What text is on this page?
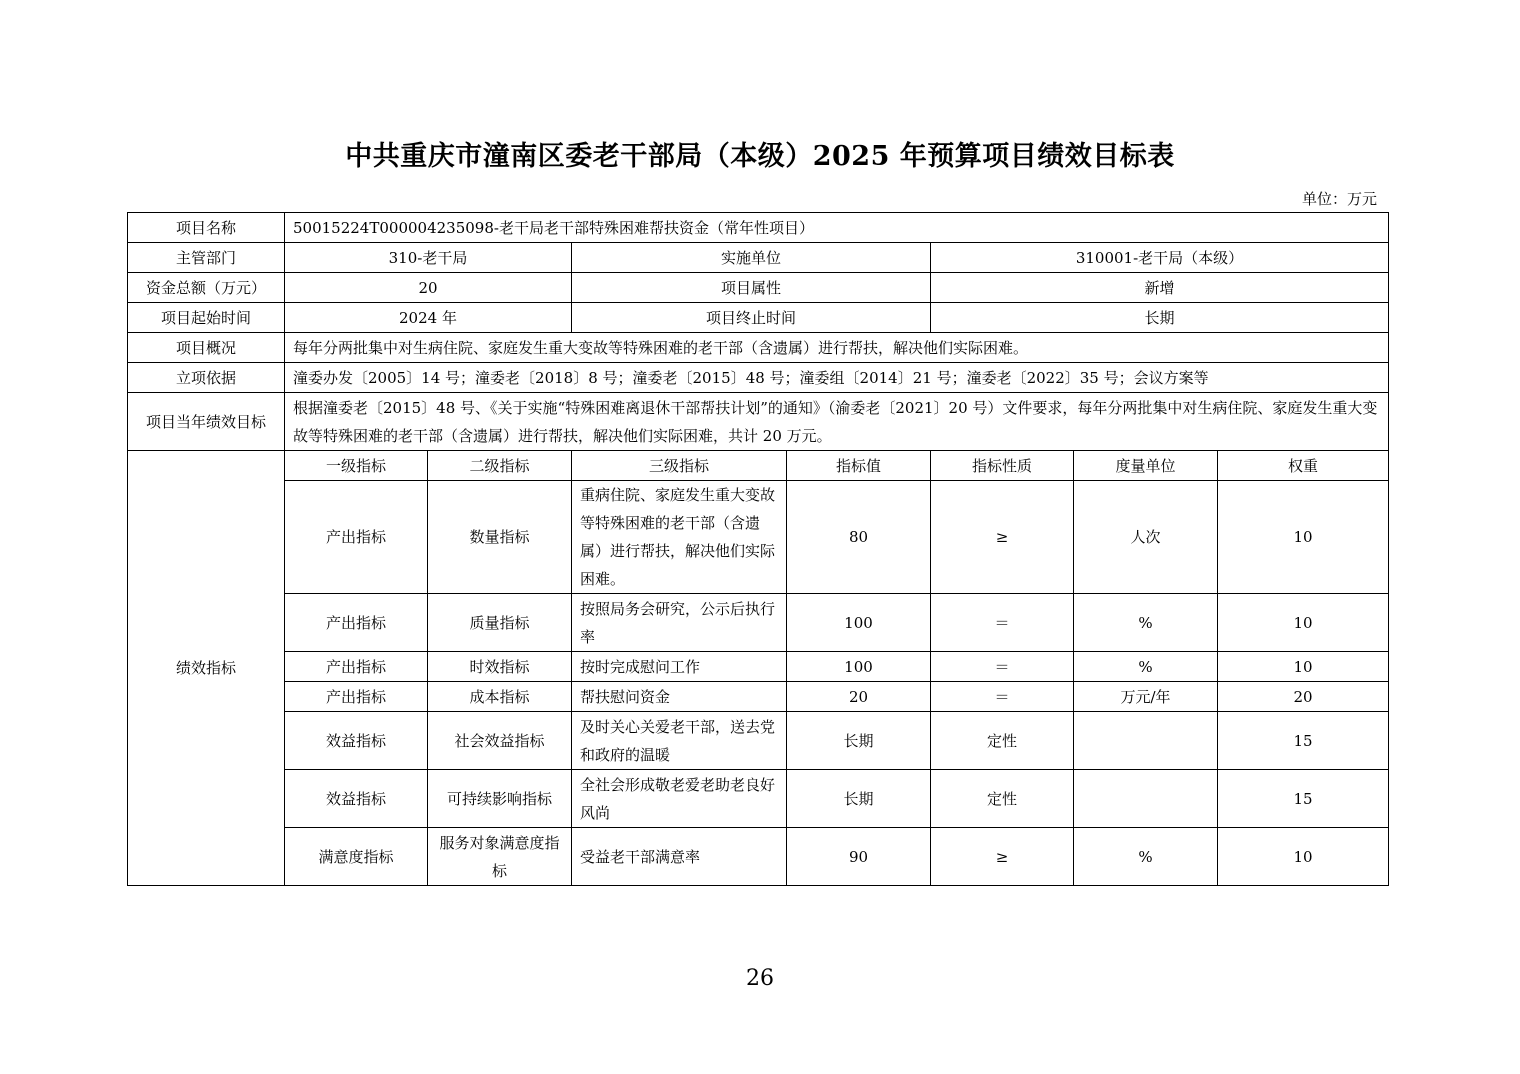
中共重庆市潼南区委老干部局（本级）2025 年预算项目绩效目标表
单位：万元
项目名称	50015224T000004235098-老干局老干部特殊困难帮扶资金（常年性项目）						
主管部门	310-老干局		实施单位		310001-老干局（本级）		
资金总额（万元）	20		项目属性		新增		
项目起始时间	2024 年		项目终止时间		长期		
项目概况	每年分两批集中对生病住院、家庭发生重大变故等特殊困难的老干部（含遗属）进行帮扶，解决他们实际困难。						
立项依据	潼委办发〔2005〕14 号；潼委老〔2018〕8 号；潼委老〔2015〕48 号；潼委组〔2014〕21 号；潼委老〔2022〕35 号；会议方案等						
项目当年绩效目标	根据潼委老〔2015〕48 号、《关于实施“特殊困难离退休干部帮扶计划”的通知》（渝委老〔2021〕20 号）文件要求，每年分两批集中对生病住院、家庭发生重大变故等特殊困难的老干部（含遗属）进行帮扶，解决他们实际困难，共计 20 万元。						
绩效指标	一级指标	二级指标	三级指标	指标值	指标性质	度量单位	权重
	产出指标	数量指标	重病住院、家庭发生重大变故等特殊困难的老干部（含遗属）进行帮扶，解决他们实际困难。	80	≥	人次	10
	产出指标	质量指标	按照局务会研究，公示后执行率	100	＝	%	10
	产出指标	时效指标	按时完成慰问工作	100	＝	%	10
	产出指标	成本指标	帮扶慰问资金	20	＝	万元/年	20
	效益指标	社会效益指标	及时关心关爱老干部，送去党和政府的温暖	长期	定性		15
	效益指标	可持续影响指标	全社会形成敬老爱老助老良好风尚	长期	定性		15
	满意度指标	服务对象满意度指标	受益老干部满意率	90	≥	%	10
26
